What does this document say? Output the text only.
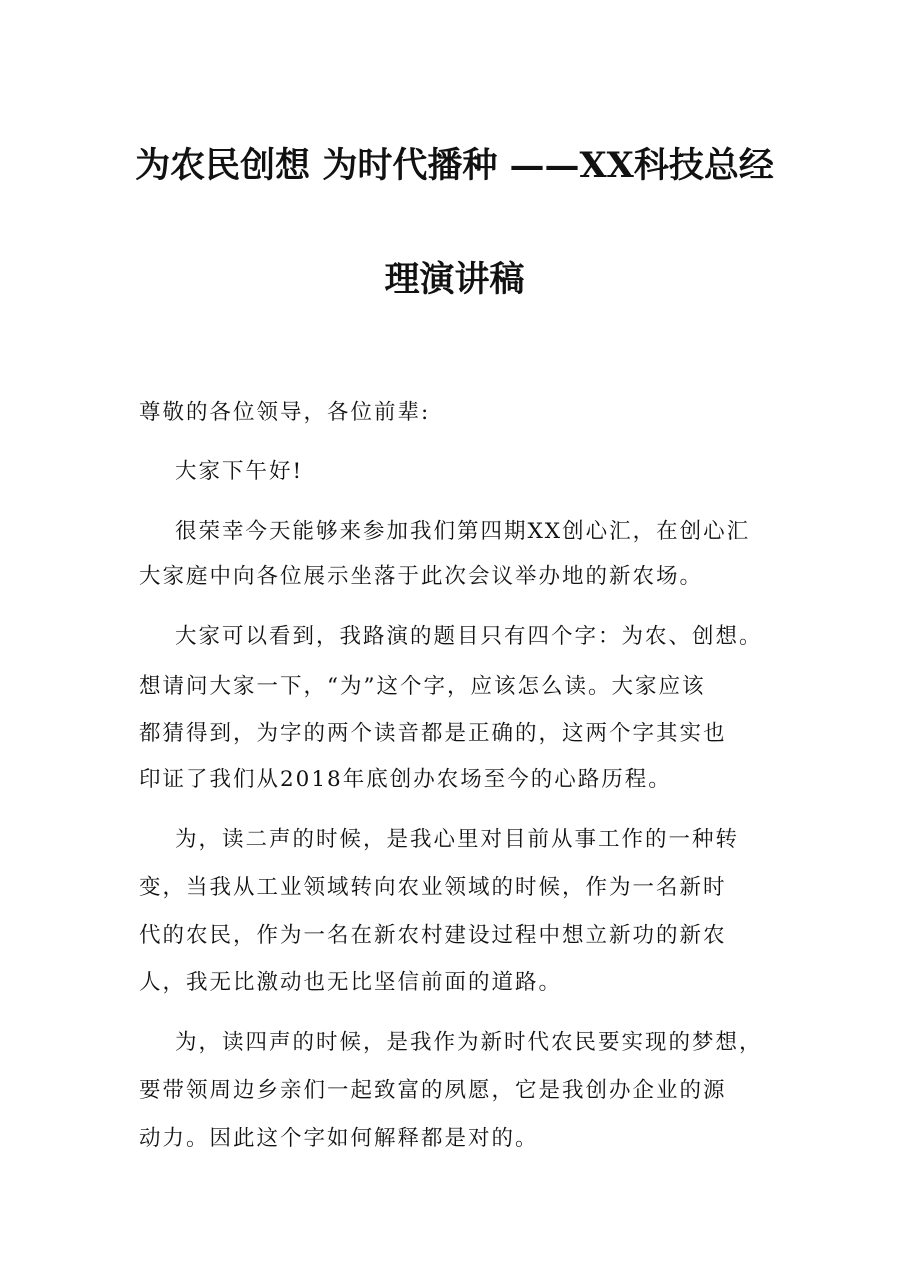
为农民创想 为时代播种 ——XX科技总经
理演讲稿
尊敬的各位领导，各位前辈:
大家下午好!
很荣幸今天能够来参加我们第四期XX创心汇，在创心汇
大家庭中向各位展示坐落于此次会议举办地的新农场。
大家可以看到，我路演的题目只有四个字：为农、创想。
想请问大家一下，“为”这个字，应该怎么读。大家应该
都猜得到，为字的两个读音都是正确的，这两个字其实也
印证了我们从2018年底创办农场至今的心路历程。
为，读二声的时候，是我心里对目前从事工作的一种转
变，当我从工业领域转向农业领域的时候，作为一名新时
代的农民，作为一名在新农村建设过程中想立新功的新农
人，我无比激动也无比坚信前面的道路。
为，读四声的时候，是我作为新时代农民要实现的梦想，
要带领周边乡亲们一起致富的夙愿，它是我创办企业的源
动力。因此这个字如何解释都是对的。
